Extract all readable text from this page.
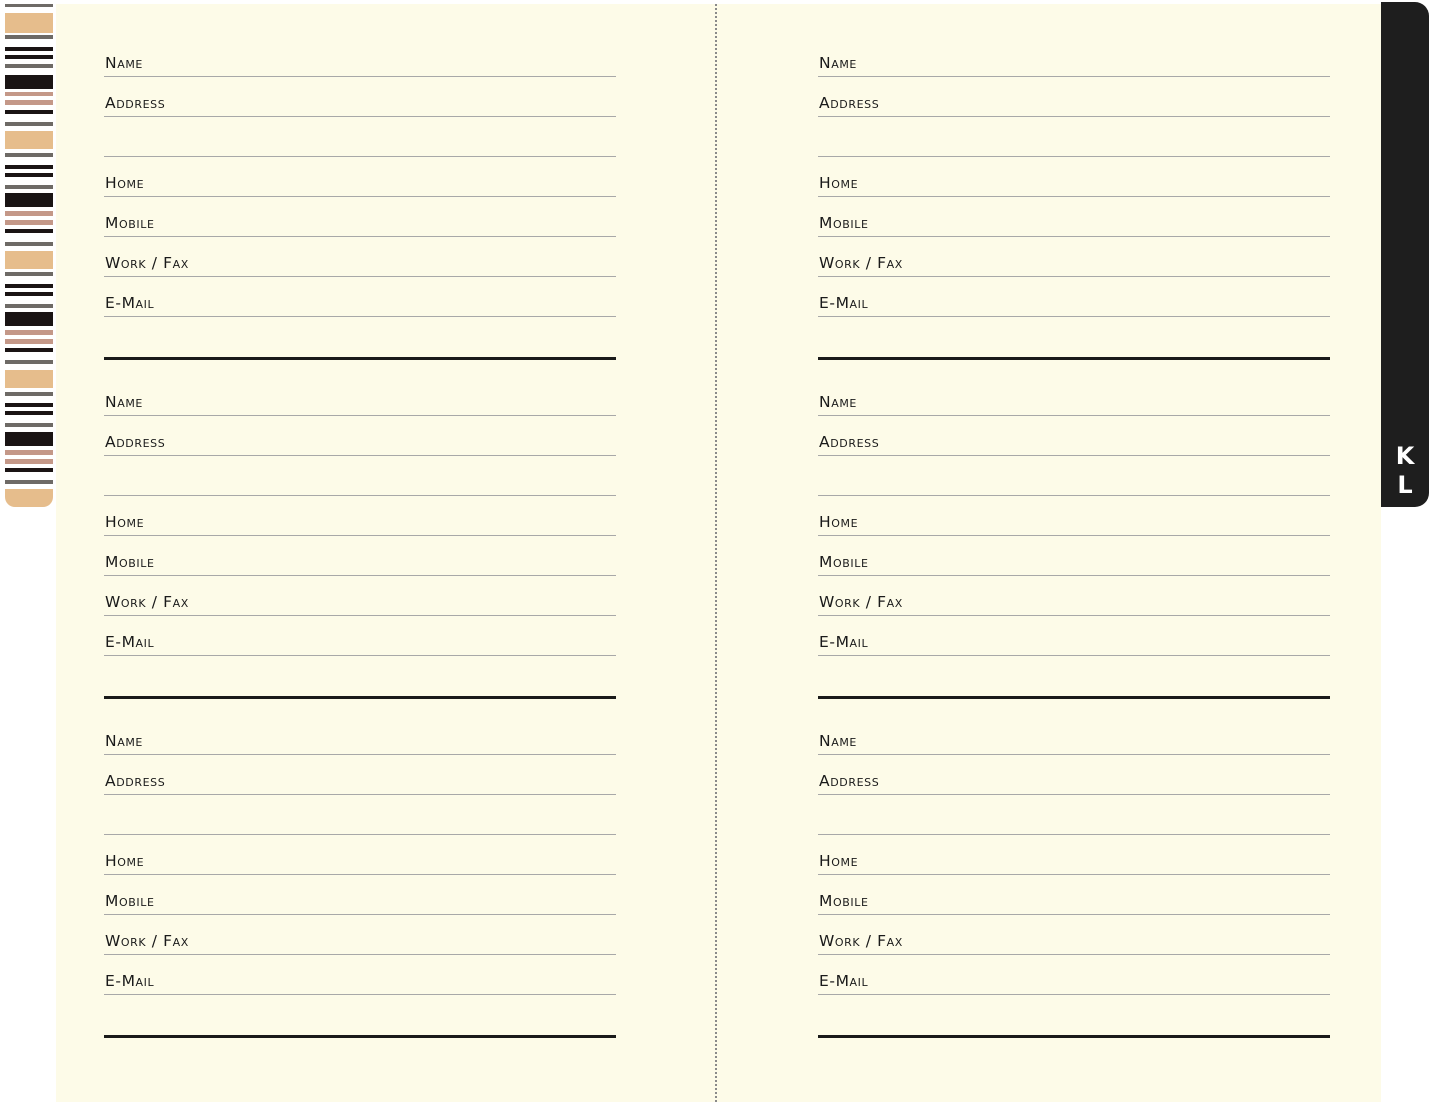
Name
Address
Home
Mobile
Work / Fax
E-Mail
Name
Address
Home
Mobile
Work / Fax
E-Mail
Name
Address
Home
Mobile
Work / Fax
E-Mail
Name
Address
Home
Mobile
Work / Fax
E-Mail
Name
Address
Home
Mobile
Work / Fax
E-Mail
Name
Address
Home
Mobile
Work / Fax
E-Mail
K
L
